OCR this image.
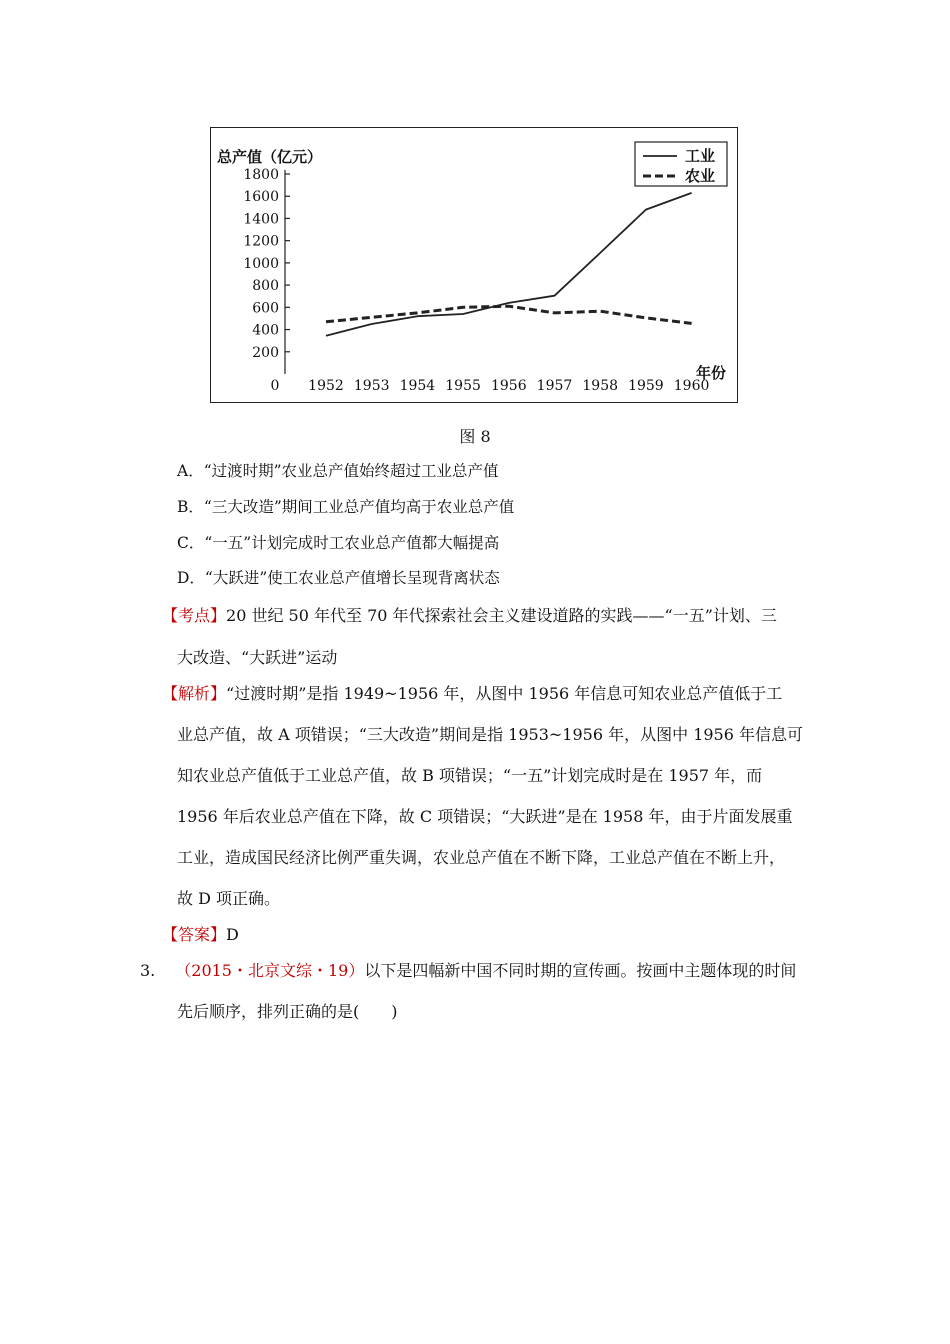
200
400
600
800
1000
1200
1400
1600
1800
0
总产值（亿元）
1952 1953 1954 1955 1956 1957 1958 1959 1960
年份
工业
农业
图 8
A．“过渡时期”农业总产值始终超过工业总产值
B．“三大改造”期间工业总产值均高于农业总产值
C．“一五”计划完成时工农业总产值都大幅提高
D．“大跃进”使工农业总产值增长呈现背离状态
【考点】20 世纪 50 年代至 70 年代探索社会主义建设道路的实践——“一五”计划、三
大改造、“大跃进”运动
【解析】“过渡时期”是指 1949~1956 年，从图中 1956 年信息可知农业总产值低于工
业总产值，故 A 项错误；“三大改造”期间是指 1953~1956 年，从图中 1956 年信息可
知农业总产值低于工业总产值，故 B 项错误；“一五”计划完成时是在 1957 年，而
1956 年后农业总产值在下降，故 C 项错误；“大跃进”是在 1958 年，由于片面发展重
工业，造成国民经济比例严重失调，农业总产值在不断下降，工业总产值在不断上升，
故 D 项正确。
【答案】D
3. （2015・北京文综・19）以下是四幅新中国不同时期的宣传画。按画中主题体现的时间
先后顺序，排列正确的是(　　)
